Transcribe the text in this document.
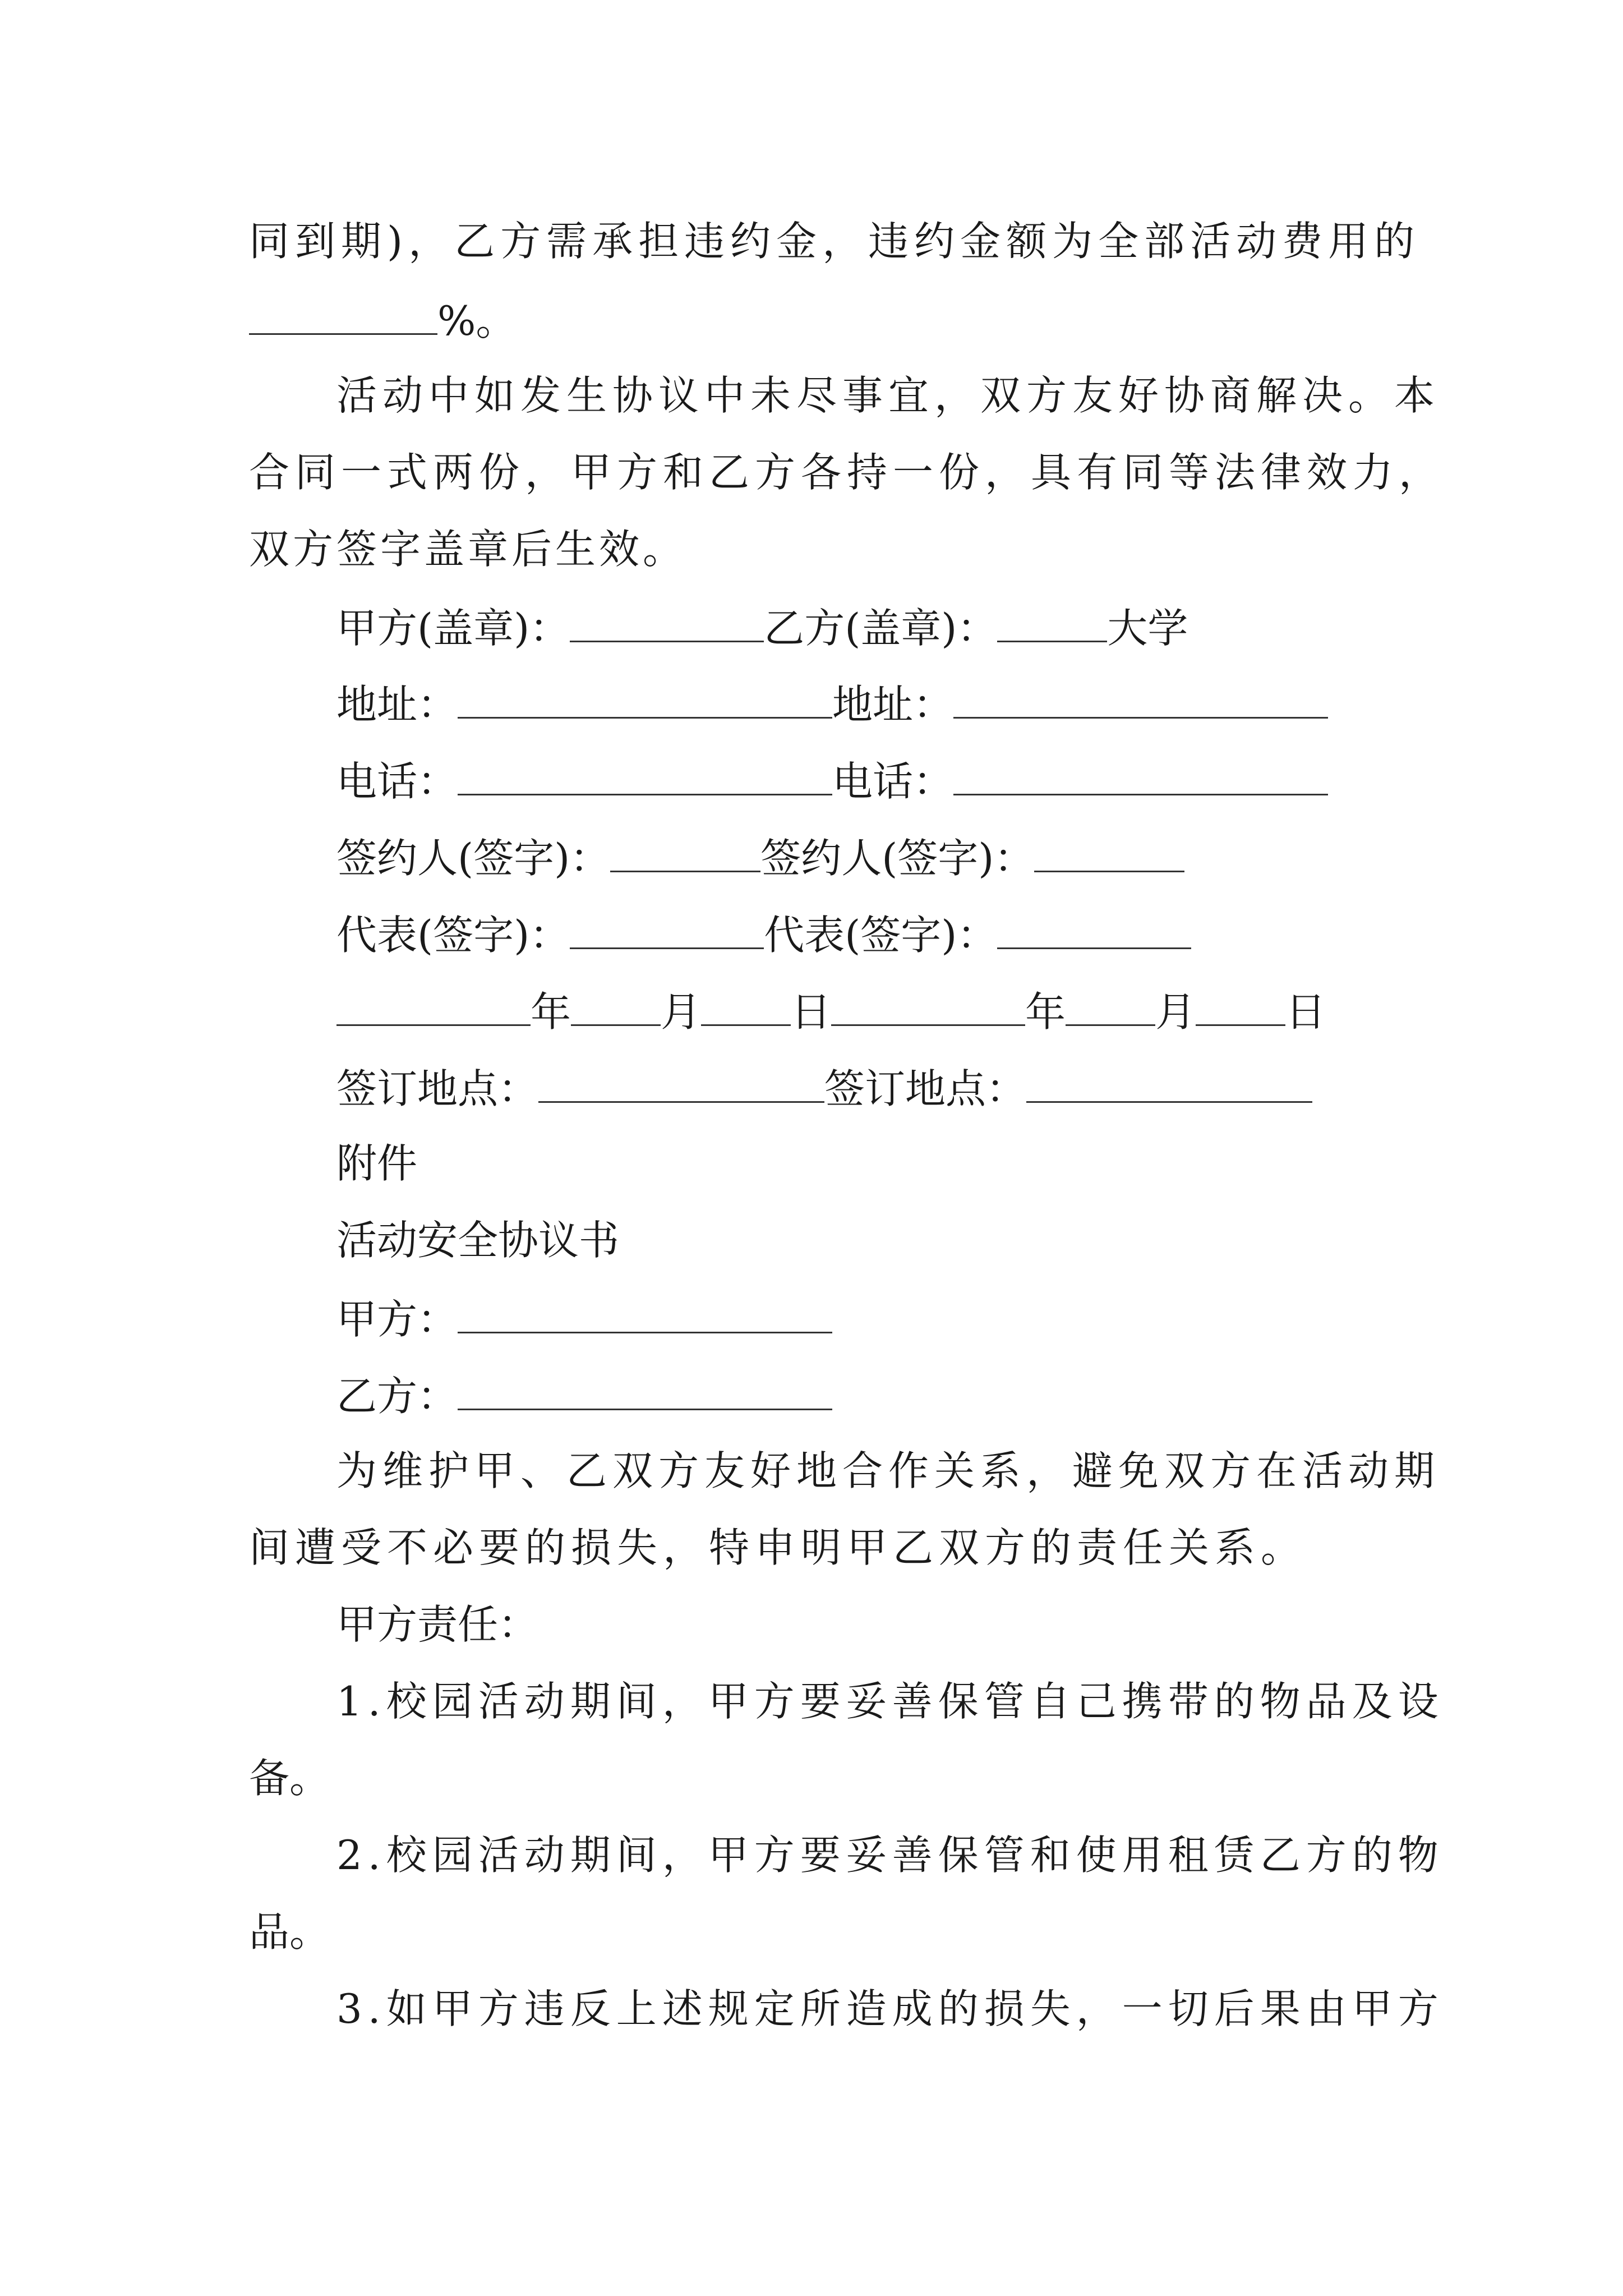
同到期)，乙方需承担违约金，违约金额为全部活动费用的
%。
活动中如发生协议中未尽事宜，双方友好协商解决。本
合同一式两份，甲方和乙方各持一份，具有同等法律效力，
双方签字盖章后生效。
甲方(盖章)：	乙方(盖章)：	大学
地址：	地址：
电话：	电话：
签约人(签字)：	签约人(签字)：
代表(签字)：	代表(签字)：
年 月 日	年 月 日
签订地点：	签订地点：
附件
活动安全协议书
甲方：
乙方：
为维护甲、乙双方友好地合作关系，避免双方在活动期
间遭受不必要的损失，特申明甲乙双方的责任关系。
甲方责任：
1.校园活动期间，甲方要妥善保管自己携带的物品及设
备。
2.校园活动期间，甲方要妥善保管和使用租赁乙方的物
品。
3.如甲方违反上述规定所造成的损失，一切后果由甲方
